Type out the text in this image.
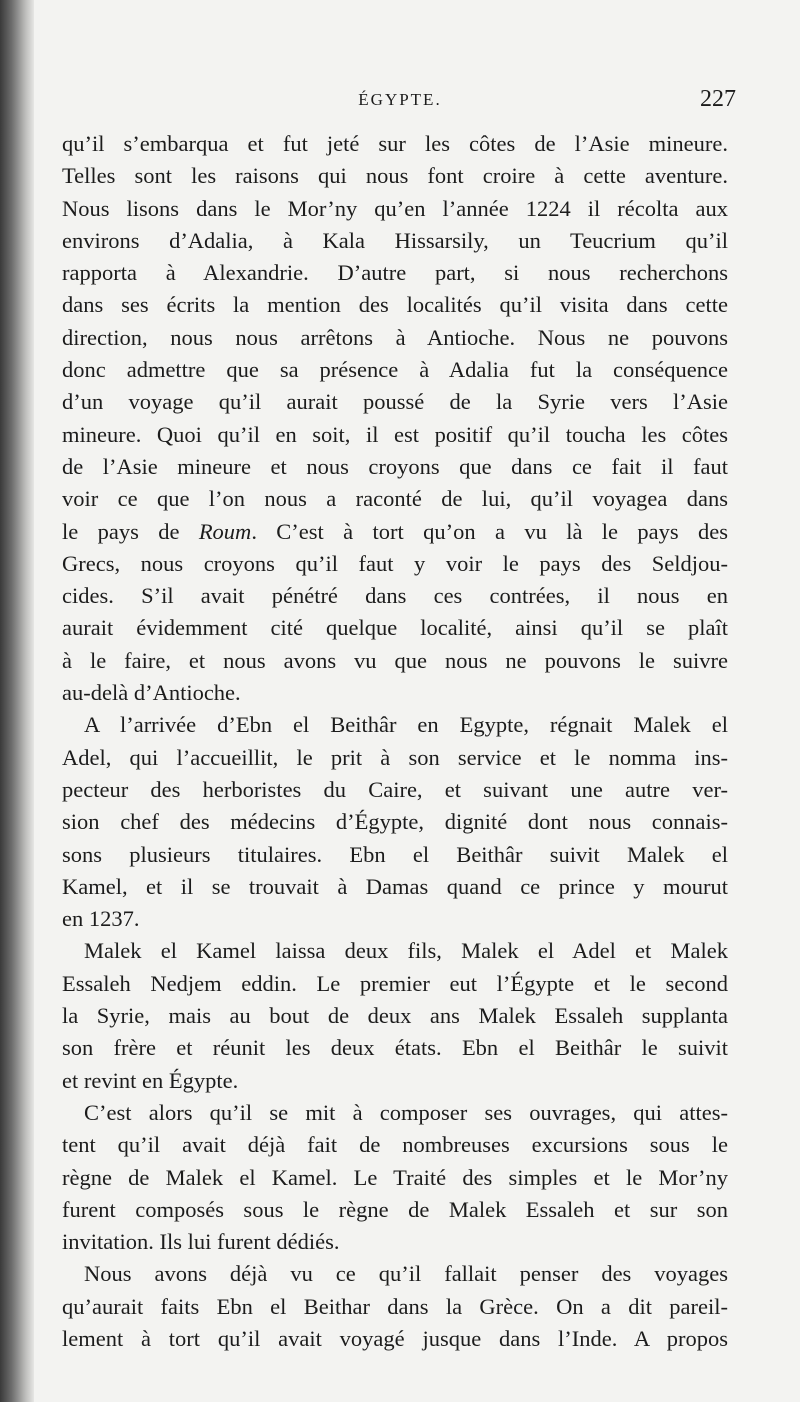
ÉGYPTE.	227
qu’il s’embarqua et fut jeté sur les côtes de l’Asie mineure.
Telles sont les raisons qui nous font croire à cette aventure.
Nous lisons dans le Mor’ny qu’en l’année 1224 il récolta aux
environs d’Adalia, à Kala Hissarsily, un Teucrium qu’il
rapporta à Alexandrie. D’autre part, si nous recherchons
dans ses écrits la mention des localités qu’il visita dans cette
direction, nous nous arrêtons à Antioche. Nous ne pouvons
donc admettre que sa présence à Adalia fut la conséquence
d’un voyage qu’il aurait poussé de la Syrie vers l’Asie
mineure. Quoi qu’il en soit, il est positif qu’il toucha les côtes
de l’Asie mineure et nous croyons que dans ce fait il faut
voir ce que l’on nous a raconté de lui, qu’il voyagea dans
le pays de Roum. C’est à tort qu’on a vu là le pays des
Grecs, nous croyons qu’il faut y voir le pays des Seldjou-
cides. S’il avait pénétré dans ces contrées, il nous en
aurait évidemment cité quelque localité, ainsi qu’il se plaît
à le faire, et nous avons vu que nous ne pouvons le suivre
au-delà d’Antioche.
A l’arrivée d’Ebn el Beithâr en Egypte, régnait Malek el
Adel, qui l’accueillit, le prit à son service et le nomma ins-
pecteur des herboristes du Caire, et suivant une autre ver-
sion chef des médecins d’Égypte, dignité dont nous connais-
sons plusieurs titulaires. Ebn el Beithâr suivit Malek el
Kamel, et il se trouvait à Damas quand ce prince y mourut
en 1237.
Malek el Kamel laissa deux fils, Malek el Adel et Malek
Essaleh Nedjem eddin. Le premier eut l’Égypte et le second
la Syrie, mais au bout de deux ans Malek Essaleh supplanta
son frère et réunit les deux états. Ebn el Beithâr le suivit
et revint en Égypte.
C’est alors qu’il se mit à composer ses ouvrages, qui attes-
tent qu’il avait déjà fait de nombreuses excursions sous le
règne de Malek el Kamel. Le Traité des simples et le Mor’ny
furent composés sous le règne de Malek Essaleh et sur son
invitation. Ils lui furent dédiés.
Nous avons déjà vu ce qu’il fallait penser des voyages
qu’aurait faits Ebn el Beithar dans la Grèce. On a dit pareil-
lement à tort qu’il avait voyagé jusque dans l’Inde. A propos
